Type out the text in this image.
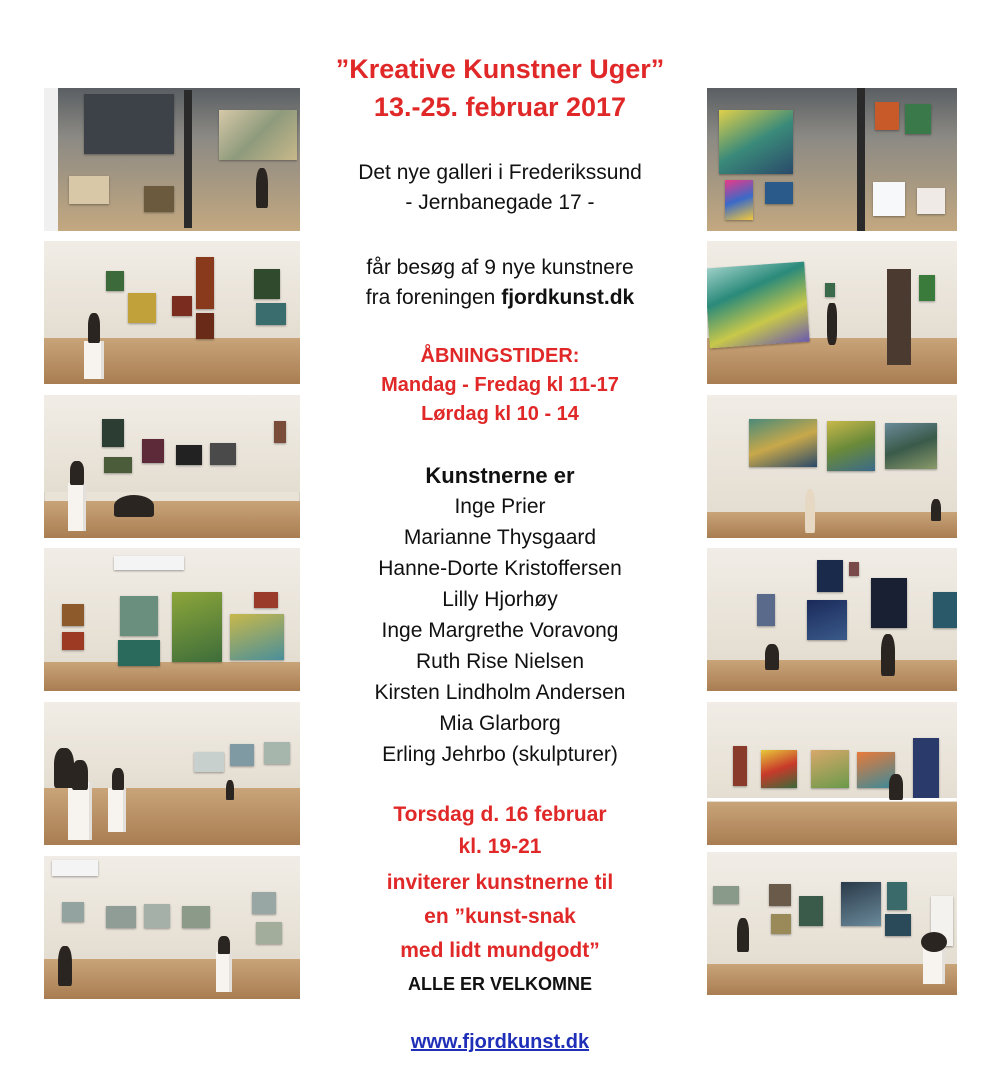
”Kreative Kunstner Uger”
13.-25. februar 2017
Det nye galleri i Frederikssund
- Jernbanegade 17 -
får besøg af 9 nye kunstnere
fra foreningen fjordkunst.dk
ÅBNINGSTIDER:
Mandag - Fredag kl 11-17
Lørdag kl 10 - 14
Kunstnerne er
Inge Prier
Marianne Thysgaard
Hanne-Dorte Kristoffersen
Lilly Hjorhøy
Inge Margrethe Voravong
Ruth Rise Nielsen
Kirsten Lindholm Andersen
Mia Glarborg
Erling Jehrbo (skulpturer)
Torsdag d. 16 februar
kl. 19-21
inviterer kunstnerne til
en ”kunst-snak
med lidt mundgodt”
ALLE ER VELKOMNE
www.fjordkunst.dk
